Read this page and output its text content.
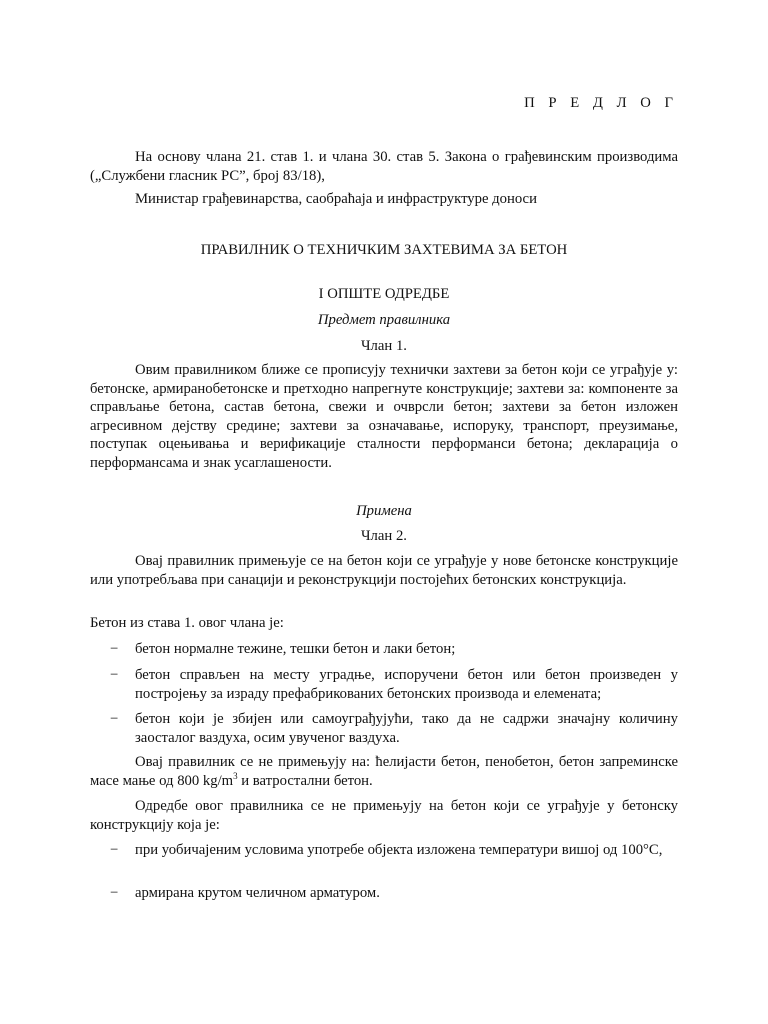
П Р Е Д Л О Г
На основу члана 21. став 1. и члана 30. став 5. Закона о грађевинским производима („Службени гласник РС”, број 83/18),
Министар грађевинарства, саобраћаја и инфраструктуре доноси
ПРАВИЛНИК О ТЕХНИЧКИМ ЗАХТЕВИМА ЗА БЕТОН
I ОПШТЕ ОДРЕДБЕ
Предмет правилника
Члан 1.
Овим правилником ближе се прописују технички захтеви за бетон који се уграђује у: бетонске, армиранобетонске и претходно напрегнуте конструкције; захтеви за: компоненте за справљање бетона, састав бетона, свежи и очврсли бетон; захтеви за бетон изложен агресивном дејству средине; захтеви за означавање, испоруку, транспорт, преузимање, поступак оцењивања и верификације сталности перформанси бетона; декларација о перформансама и знак усаглашености.
Примена
Члан 2.
Овај правилник примењује се на бетон који се уграђује у нове бетонске конструкције или употребљава при санацији и реконструкцији постојећих бетонских конструкција.
Бетон из става 1. овог члана је:
− бетон нормалне тежине, тешки бетон и лаки бетон;
− бетон справљен на месту уградње, испоручени бетон или бетон произведен у постројењу за израду префабрикованих бетонских производа и елемената;
− бетон који је збијен или самоуграђујући, тако да не садржи значајну количину заосталог ваздуха, осим увученог ваздуха.
Овај правилник се не примењују на: ћелијасти бетон, пенобетон, бетон запреминске масе мање од 800 $kg/m^3$ и ватростални бетон.
Одредбе овог правилника се не примењују на бетон који се уграђује у бетонску конструкцију која је:
− при уобичајеним условима употребе објекта изложена температури вишој од 100°C,
− армирана крутом челичном арматуром.
